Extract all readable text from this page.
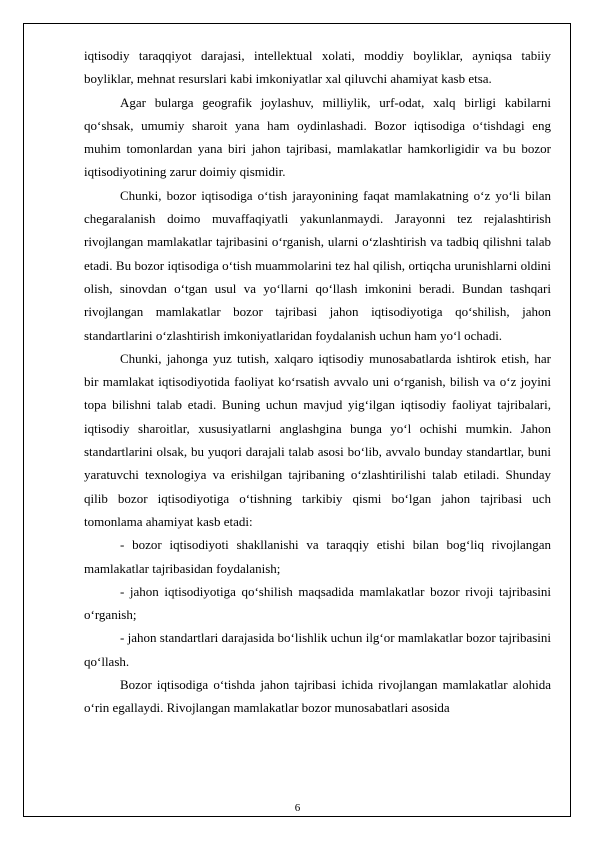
iqtisodiy taraqqiyot darajasi, intellektual xolati, moddiy boyliklar, ayniqsa tabiiy boyliklar, mehnat resurslari kabi imkoniyatlar xal qiluvchi ahamiyat kasb etsa.

Agar bularga geografik joylashuv, milliylik, urf-odat, xalq birligi kabilarni qo‘shsak, umumiy sharoit yana ham oydinlashadi. Bozor iqtisodiga o‘tishdagi eng muhim tomonlardan yana biri jahon tajribasi, mamlakatlar hamkorligidir va bu bozor iqtisodiyotining zarur doimiy qismidir.

Chunki, bozor iqtisodiga o‘tish jarayonining faqat mamlakatning o‘z yo‘li bilan chegaralanish doimo muvaffaqiyatli yakunlanmaydi. Jarayonni tez rejalashtirish rivojlangan mamlakatlar tajribasini o‘rganish, ularni o‘zlashtirish va tadbiq qilishni talab etadi. Bu bozor iqtisodiga o‘tish muammolarini tez hal qilish, ortiqcha urunishlarni oldini olish, sinovdan o‘tgan usul va yo‘llarni qo‘llash imkonini beradi. Bundan tashqari rivojlangan mamlakatlar bozor tajribasi jahon iqtisodiyotiga qo‘shilish, jahon standartlarini o‘zlashtirish imkoniyatlaridan foydalanish uchun ham yo‘l ochadi.

Chunki, jahonga yuz tutish, xalqaro iqtisodiy munosabatlarda ishtirok etish, har bir mamlakat iqtisodiyotida faoliyat ko‘rsatish avvalo uni o‘rganish, bilish va o‘z joyini topa bilishni talab etadi. Buning uchun mavjud yig‘ilgan iqtisodiy faoliyat tajribalari, iqtisodiy sharoitlar, xususiyatlarni anglashgina bunga yo‘l ochishi mumkin. Jahon standartlarini olsak, bu yuqori darajali talab asosi bo‘lib, avvalo bunday standartlar, buni yaratuvchi texnologiya va erishilgan tajribaning o‘zlashtirilishi talab etiladi. Shunday qilib bozor iqtisodiyotiga o‘tishning tarkibiy qismi bo‘lgan jahon tajribasi uch tomonlama ahamiyat kasb etadi:

- bozor iqtisodiyoti shakllanishi va taraqqiy etishi bilan bog‘liq rivojlangan mamlakatlar tajribasidan foydalanish;

- jahon iqtisodiyotiga qo‘shilish maqsadida mamlakatlar bozor rivoji tajribasini o‘rganish;

- jahon standartlari darajasida bo‘lishlik uchun ilg‘or mamlakatlar bozor tajribasini qo‘llash.

Bozor iqtisodiga o‘tishda jahon tajribasi ichida rivojlangan mamlakatlar alohida o‘rin egallaydi. Rivojlangan mamlakatlar bozor munosabatlari asosida

6
